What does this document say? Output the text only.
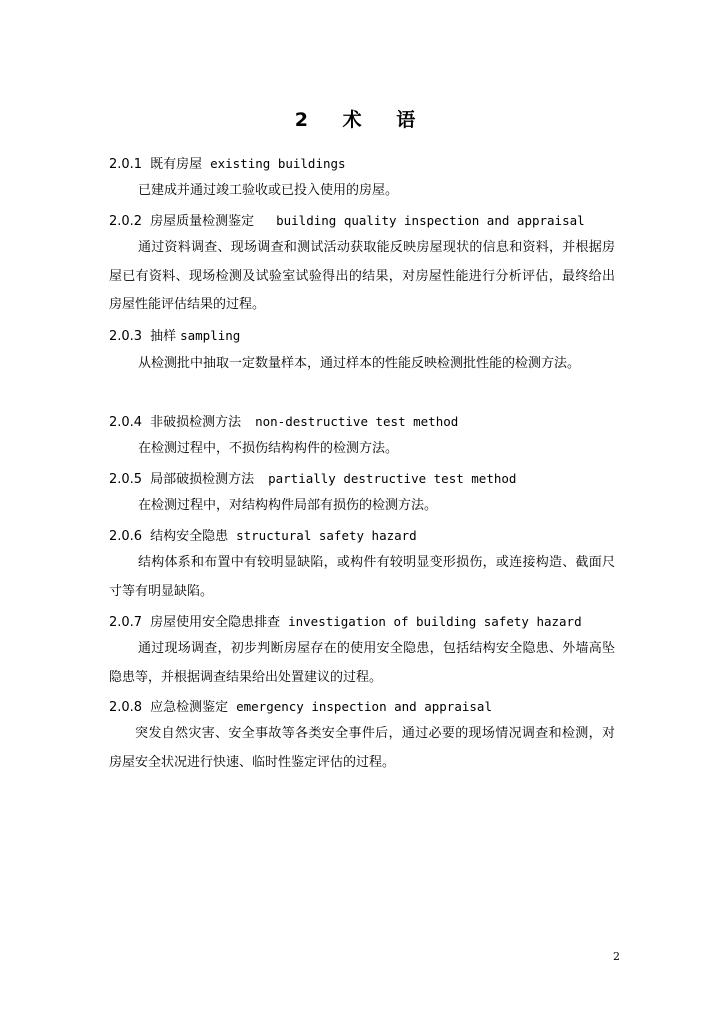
2 术 语
2.0.1 既有房屋 existing buildings
已建成并通过竣工验收或已投入使用的房屋。
2.0.2 房屋质量检测鉴定 building quality inspection and appraisal
通过资料调查、现场调查和测试活动获取能反映房屋现状的信息和资料，并根据房屋已有资料、现场检测及试验室试验得出的结果，对房屋性能进行分析评估，最终给出房屋性能评估结果的过程。
2.0.3 抽样 sampling
从检测批中抽取一定数量样本，通过样本的性能反映检测批性能的检测方法。
2.0.4 非破损检测方法 non-destructive test method
在检测过程中，不损伤结构构件的检测方法。
2.0.5 局部破损检测方法 partially destructive test method
在检测过程中，对结构构件局部有损伤的检测方法。
2.0.6 结构安全隐患 structural safety hazard
结构体系和布置中有较明显缺陷，或构件有较明显变形损伤，或连接构造、截面尺寸等有明显缺陷。
2.0.7 房屋使用安全隐患排查 investigation of building safety hazard
通过现场调查，初步判断房屋存在的使用安全隐患，包括结构安全隐患、外墙高坠隐患等，并根据调查结果给出处置建议的过程。
2.0.8 应急检测鉴定 emergency inspection and appraisal
突发自然灾害、安全事故等各类安全事件后，通过必要的现场情况调查和检测，对房屋安全状况进行快速、临时性鉴定评估的过程。
2
